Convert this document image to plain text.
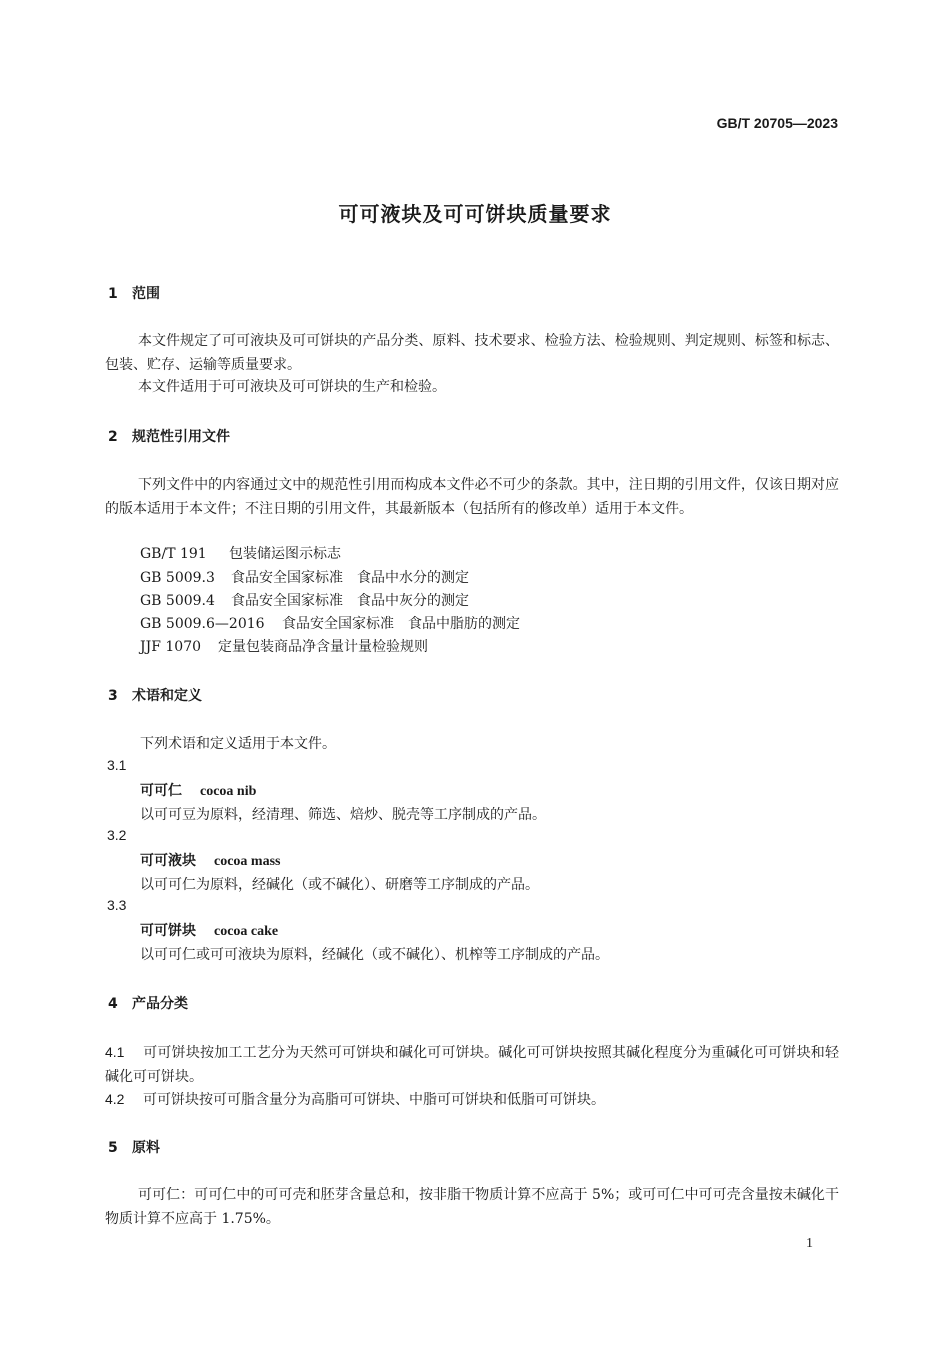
GB/T 20705—2023
可可液块及可可饼块质量要求
1 范围
本文件规定了可可液块及可可饼块的产品分类、原料、技术要求、检验方法、检验规则、判定规则、标签和标志、包装、贮存、运输等质量要求。
本文件适用于可可液块及可可饼块的生产和检验。
2 规范性引用文件
下列文件中的内容通过文中的规范性引用而构成本文件必不可少的条款。其中，注日期的引用文件，仅该日期对应的版本适用于本文件；不注日期的引用文件，其最新版本（包括所有的修改单）适用于本文件。
GB/T 191 包装储运图示标志
GB 5009.3 食品安全国家标准　食品中水分的测定
GB 5009.4 食品安全国家标准　食品中灰分的测定
GB 5009.6—2016 食品安全国家标准　食品中脂肪的测定
JJF 1070 定量包装商品净含量计量检验规则
3 术语和定义
下列术语和定义适用于本文件。
3.1
可可仁 cocoa nib
以可可豆为原料，经清理、筛选、焙炒、脱壳等工序制成的产品。
3.2
可可液块 cocoa mass
以可可仁为原料，经碱化（或不碱化）、研磨等工序制成的产品。
3.3
可可饼块 cocoa cake
以可可仁或可可液块为原料，经碱化（或不碱化）、机榨等工序制成的产品。
4 产品分类
4.1 可可饼块按加工工艺分为天然可可饼块和碱化可可饼块。碱化可可饼块按照其碱化程度分为重碱化可可饼块和轻碱化可可饼块。
4.2 可可饼块按可可脂含量分为高脂可可饼块、中脂可可饼块和低脂可可饼块。
5 原料
可可仁：可可仁中的可可壳和胚芽含量总和，按非脂干物质计算不应高于 5%；或可可仁中可可壳含量按未碱化干物质计算不应高于 1.75%。
1
